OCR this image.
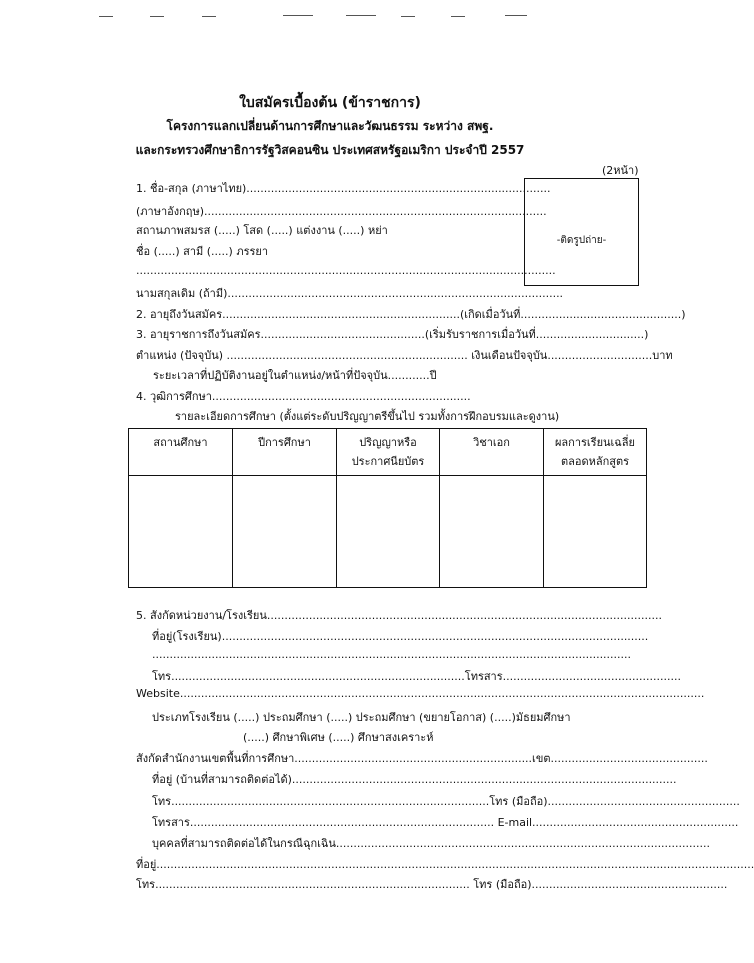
ใบสมัครเบื้องต้น (ข้าราชการ)
โครงการแลกเปลี่ยนด้านการศึกษาและวัฒนธรรม ระหว่าง สพฐ.
และกระทรวงศึกษาธิการรัฐวิสคอนซิน ประเทศสหรัฐอเมริกา ประจำปี 2557
(2หน้า)
-ติดรูปถ่าย-
1. ชื่อ-สกุล (ภาษาไทย).......................................................................................
(ภาษาอังกฤษ)..................................................................................................
สถานภาพสมรส (.....) โสด (.....) แต่งงาน (.....) หย่า
ชื่อ (.....) สามี (.....) ภรรยา
........................................................................................................................
นามสกุลเดิม (ถ้ามี)................................................................................................
2. อายุถึงวันสมัคร....................................................................(เกิดเมื่อวันที่..............................................)
3. อายุราชการถึงวันสมัคร...............................................(เริ่มรับราชการเมื่อวันที่...............................)
ตำแหน่ง (ปัจจุบัน) ..................................................................... เงินเดือนปัจจุบัน..............................บาท
ระยะเวลาที่ปฏิบัติงานอยู่ในตำแหน่ง/หน้าที่ปัจจุบัน............ปี
4. วุฒิการศึกษา..........................................................................
รายละเอียดการศึกษา (ตั้งแต่ระดับปริญญาตรีขึ้นไป รวมทั้งการฝึกอบรมและดูงาน)
สถานศึกษา	ปีการศึกษา	ปริญญาหรือ ประกาศนียบัตร	วิชาเอก	ผลการเรียนเฉลี่ย ตลอดหลักสูตร

5. สังกัดหน่วยงาน/โรงเรียน.................................................................................................................
ที่อยู่(โรงเรียน)..........................................................................................................................
.........................................................................................................................................
โทร....................................................................................โทรสาร...................................................
Website......................................................................................................................................................
ประเภทโรงเรียน (.....) ประถมศึกษา (.....) ประถมศึกษา (ขยายโอกาส) (.....)มัธยมศึกษา
(.....) ศึกษาพิเศษ (.....) ศึกษาสงเคราะห์
สังกัดสำนักงานเขตพื้นที่การศึกษา....................................................................เขต.............................................
ที่อยู่ (บ้านที่สามารถติดต่อได้)..............................................................................................................
โทร...........................................................................................โทร (มือถือ).......................................................
โทรสาร....................................................................................... E-mail...........................................................
บุคคลที่สามารถติดต่อได้ในกรณีฉุกเฉิน...........................................................................................................
ที่อยู่...........................................................................................................................................................................
โทร.......................................................................................... โทร (มือถือ)........................................................
